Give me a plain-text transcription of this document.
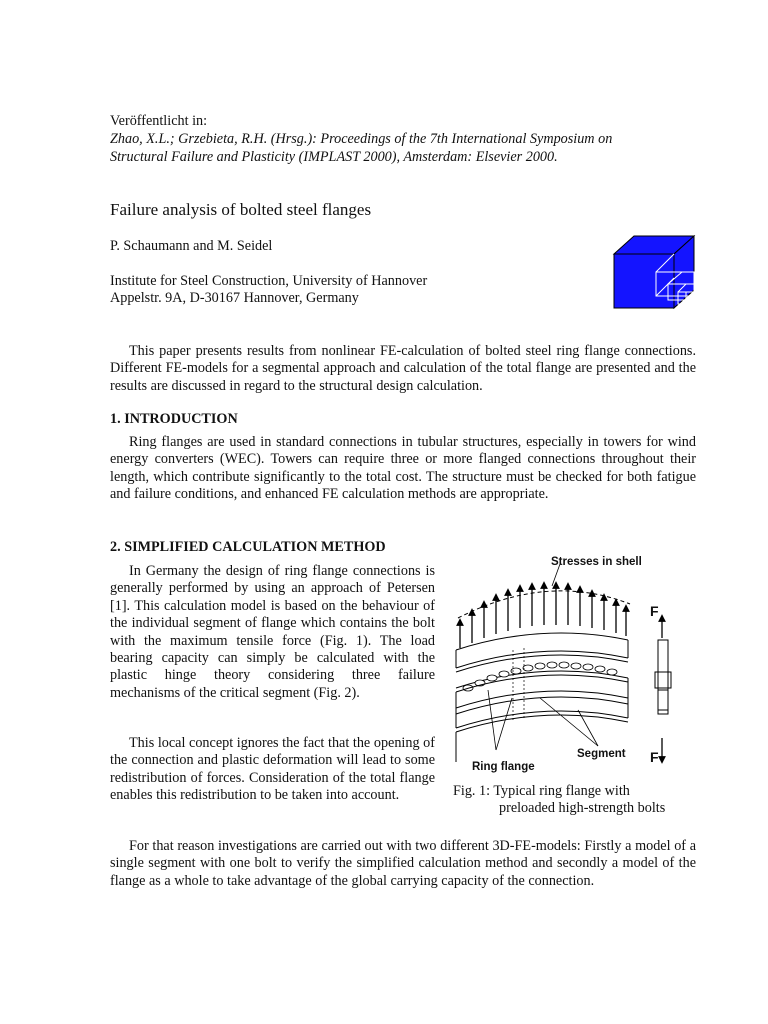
Veröffentlicht in:
Zhao, X.L.; Grzebieta, R.H. (Hrsg.): Proceedings of the 7th International Symposium on
Structural Failure and Plasticity (IMPLAST 2000), Amsterdam: Elsevier 2000.
Failure analysis of bolted steel flanges
P. Schaumann and M. Seidel
Institute for Steel Construction, University of Hannover
Appelstr. 9A, D-30167 Hannover, Germany

This paper presents results from nonlinear FE-calculation of bolted steel ring flange connections. Different FE-models for a segmental approach and calculation of the total flange are presented and the results are discussed in regard to the structural design calculation.

1. INTRODUCTION

Ring flanges are used in standard connections in tubular structures, especially in towers for wind energy converters (WEC). Towers can require three or more flanged connections throughout their length, which contribute significantly to the total cost. The structure must be checked for both fatigue and failure conditions, and enhanced FE calculation methods are appropriate.

2. SIMPLIFIED CALCULATION METHOD

In Germany the design of ring flange connections is generally performed by using an approach of Petersen [1]. This calculation model is based on the behaviour of the individual segment of flange which contains the bolt with the maximum tensile force (Fig. 1). The load bearing capacity can simply be calculated with the plastic hinge theory considering three failure mechanisms of the critical segment (Fig. 2).

This local concept ignores the fact that the opening of the connection and plastic deformation will lead to some redistribution of forces. Consideration of the total flange enables this redistribution to be taken into account.

For that reason investigations are carried out with two different 3D-FE-models: Firstly a model of a single segment with one bolt to verify the simplified calculation method and secondly a model of the flange as a whole to take advantage of the global carrying capacity of the connection.

Stresses in shell
F
Segment F
Ring flange
Fig. 1: Typical ring flange with
preloaded high-strength bolts
